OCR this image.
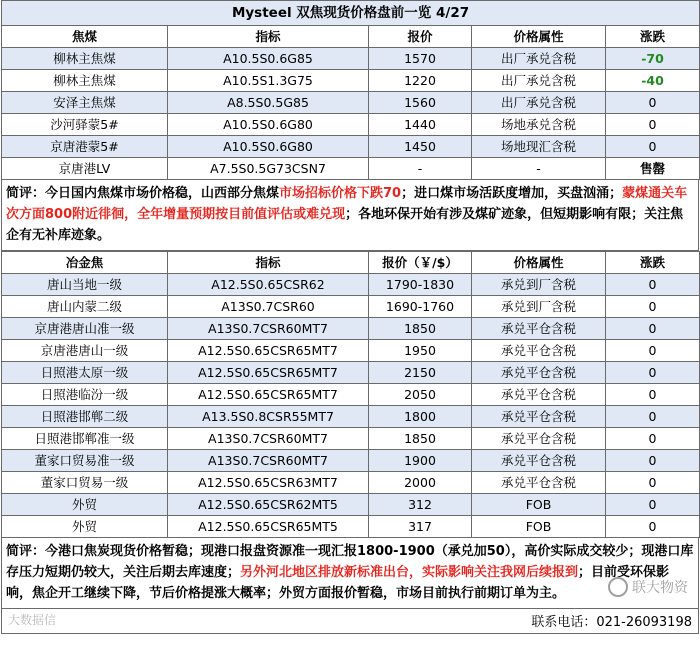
Mysteel 双焦现货价格盘前一览 4/27				
焦煤	指标	报价	价格属性	涨跌
柳林主焦煤	A10.5S0.6G85	1570	出厂承兑含税	-70
柳林主焦煤	A10.5S1.3G75	1220	出厂承兑含税	-40
安泽主焦煤	A8.5S0.5G85	1560	出厂承兑含税	0
沙河驿蒙5#	A10.5S0.6G80	1440	场地承兑含税	0
京唐港蒙5#	A10.5S0.6G80	1450	场地现汇含税	0
京唐港LV	A7.5S0.5G73CSN7	-	-	售罄
简评：今日国内焦煤市场价格稳，山西部分焦煤市场招标价格下跌70；进口煤市场活跃度增加，买盘汹涌；蒙煤通关车次方面800附近徘徊，全年增量预期按目前值评估或难兑现；各地环保开始有涉及煤矿迹象，但短期影响有限；关注焦企有无补库迹象。
冶金焦	指标	报价（￥/$）	价格属性	涨跌
唐山当地一级	A12.5S0.65CSR62	1790-1830	承兑到厂含税	0
唐山内蒙二级	A13S0.7CSR60	1690-1760	承兑到厂含税	0
京唐港唐山准一级	A13S0.7CSR60MT7	1850	承兑平仓含税	0
京唐港唐山一级	A12.5S0.65CSR65MT7	1950	承兑平仓含税	0
日照港太原一级	A12.5S0.65CSR65MT7	2150	承兑平仓含税	0
日照港临汾一级	A12.5S0.65CSR65MT7	2050	承兑平仓含税	0
日照港邯郸二级	A13.5S0.8CSR55MT7	1800	承兑平仓含税	0
日照港邯郸准一级	A13S0.7CSR60MT7	1850	承兑平仓含税	0
董家口贸易准一级	A13S0.7CSR60MT7	1900	承兑平仓含税	0
董家口贸易一级	A12.5S0.65CSR63MT7	2000	承兑平仓含税	0
外贸	A12.5S0.65CSR62MT5	312	FOB	0
外贸	A12.5S0.65CSR65MT5	317	FOB	0
简评：今港口焦炭现货价格暂稳；现港口报盘资源准一现汇报1800-1900（承兑加50），高价实际成交较少；现港口库存压力短期仍较大，关注后期去库速度；另外河北地区排放新标准出台，实际影响关注我网后续报到；目前受环保影响，焦企开工继续下降，节后价格提涨大概率；外贸方面报价暂稳，市场目前执行前期订单为主。
大数据信
联大物资
联系电话：021-26093198
